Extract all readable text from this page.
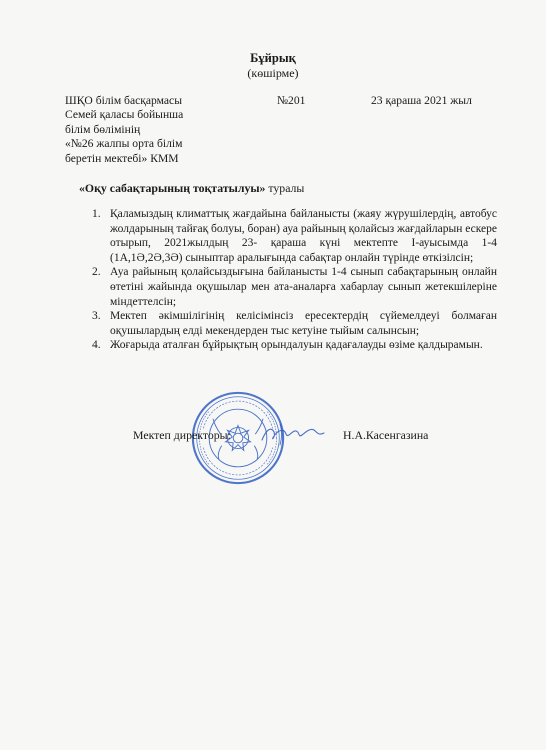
Бұйрық
(көшірме)
ШҚО білім басқармасы
Семей қаласы бойынша
білім бөлімінің
«№26 жалпы орта білім
беретін мектебі» КММ
№201	23 қараша 2021 жыл
«Оқу сабақтарының тоқтатылуы» туралы
1. Қаламыздың климаттық жағдайына байланысты (жаяу жүрушілердің, автобус жолдарының тайғақ болуы, боран) ауа райының қолайсыз жағдайларын ескере отырып, 2021жылдың 23- қараша күні мектепте І-ауысымда 1-4 (1А,1Ә,2Ә,3Ә) сыныптар аралығында сабақтар онлайн түрінде өткізілсін;
2. Ауа райының қолайсыздығына байланысты 1-4 сынып сабақтарының онлайн өтетіні жайында оқушылар мен ата-аналарға хабарлау сынып жетекшілеріне міндеттелсін;
3. Мектеп әкімшілігінің келісімінсіз ересектердің сүйемелдеуі болмаған оқушылардың елді мекендерден тыс кетуіне тыйым салынсын;
4. Жоғарыда аталған бұйрықтың орындалуын қадағалауды өзіме қалдырамын.
Мектеп директоры:	Н.А.Касенгазина
